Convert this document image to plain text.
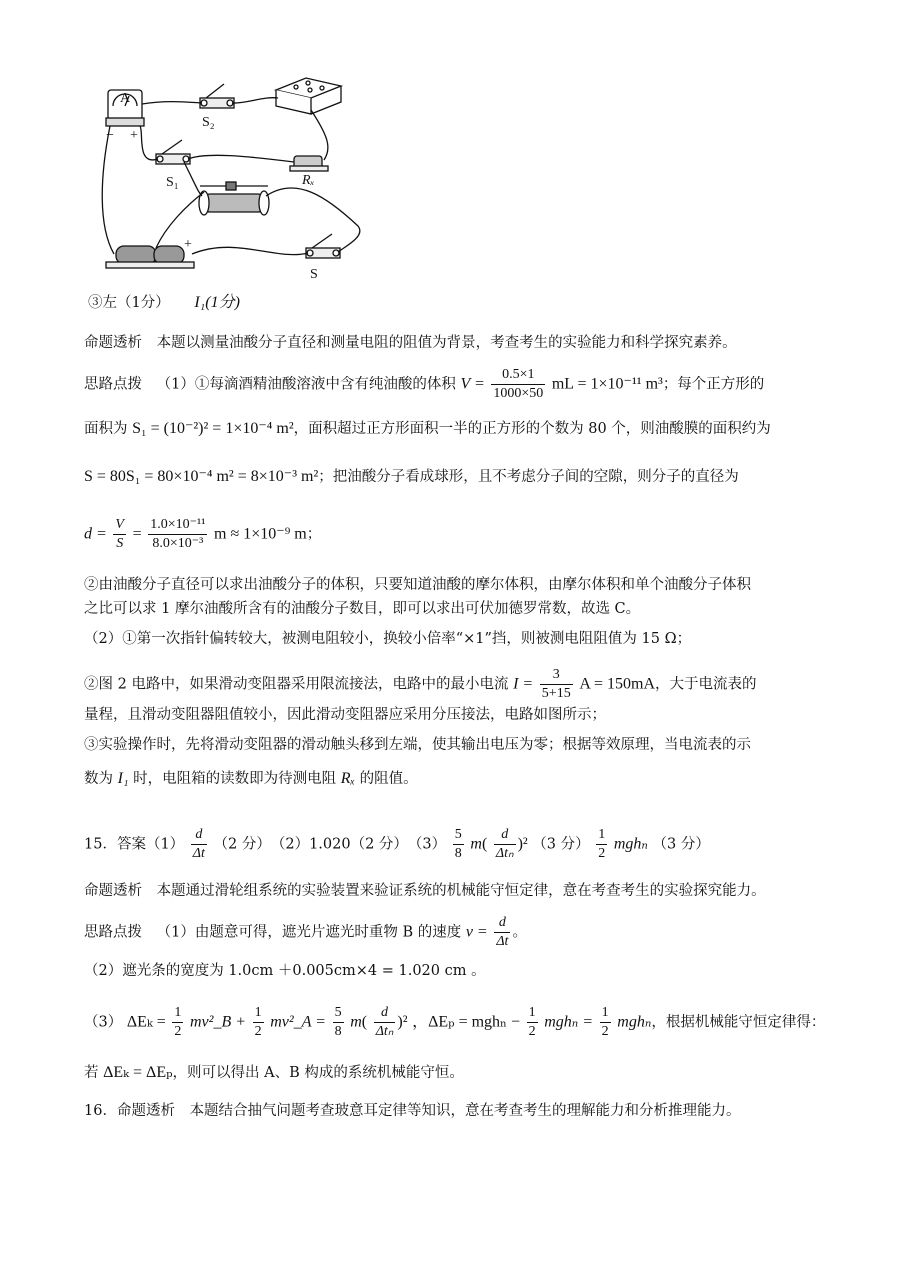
A
− +
S₂
S₁	Rₓ
+
S
③左（1分） I₁(1分)
命题透析 本题以测量油酸分子直径和测量电阻的阻值为背景，考查考生的实验能力和科学探究素养。
思路点拨 （1）①每滴酒精油酸溶液中含有纯油酸的体积 $V = \frac{0.5\times 1}{1000\times 50}$ mL = 1×10⁻¹¹ m³；每个正方形的
面积为 S₁ = (10⁻²)² = 1×10⁻⁴ m²，面积超过正方形面积一半的正方形的个数为 80 个，则油酸膜的面积约为
S = 80S₁ = 80×10⁻⁴ m² = 8×10⁻³ m²；把油酸分子看成球形，且不考虑分子间的空隙，则分子的直径为
$d = \frac{V}{S} = \frac{\text{1.0×10⁻¹¹}}{\text{8.0×10⁻³}}$ m ≈ 1×10⁻⁹ m；
②由油酸分子直径可以求出油酸分子的体积，只要知道油酸的摩尔体积，由摩尔体积和单个油酸分子体积
之比可以求 1 摩尔油酸所含有的油酸分子数目，即可以求出可伏加德罗常数，故选 C。
（2）①第一次指针偏转较大，被测电阻较小，换较小倍率“×1”挡，则被测电阻阻值为 15 Ω；
②图 2 电路中，如果滑动变阻器采用限流接法，电路中的最小电流 $I = \frac{3}{5+15}$ A = 150mA，大于电流表的
量程，且滑动变阻器阻值较小，因此滑动变阻器应采用分压接法，电路如图所示；
③实验操作时，先将滑动变阻器的滑动触头移到左端，使其输出电压为零；根据等效原理，当电流表的示
数为 I₁ 时，电阻箱的读数即为待测电阻 Rₓ 的阻值。
15．答案$(1) \frac{d}{\Delta t} (2$ 分）　（2）1.020（2 分）　$(3) \frac{5}{8} m( \frac{d}{\text{Δtₙ}} )^2$ （3 分） $\frac{1}{2}$ mghₙ （3 分）
命题透析 本题通过滑轮组系统的实验装置来验证系统的机械能守恒定律，意在考查考生的实验探究能力。
思路点拨 （1）由题意可得，遮光片遮光时重物 B 的速度 $v = \frac{d}{\Delta t}$ 。
（2）遮光条的宽度为 1.0cm ＋0.005cm×4 = 1.020 cm 。
（3） $\Delta E_k = \frac{1}{2}$ mv²_B + $\frac{1}{2}$ mv²_A = $\frac{5}{8} m( \frac{d}{\text{Δtₙ}} )^2$ ，$\Delta E_p = mgh_n - \frac{1}{2}$ $mgh_n = \frac{1}{2}$ mghₙ，根据机械能守恒定律得：
若 ΔEₖ = ΔEₚ，则可以得出 A、B 构成的系统机械能守恒。
16．命题透析 本题结合抽气问题考查玻意耳定律等知识，意在考查考生的理解能力和分析推理能力。
